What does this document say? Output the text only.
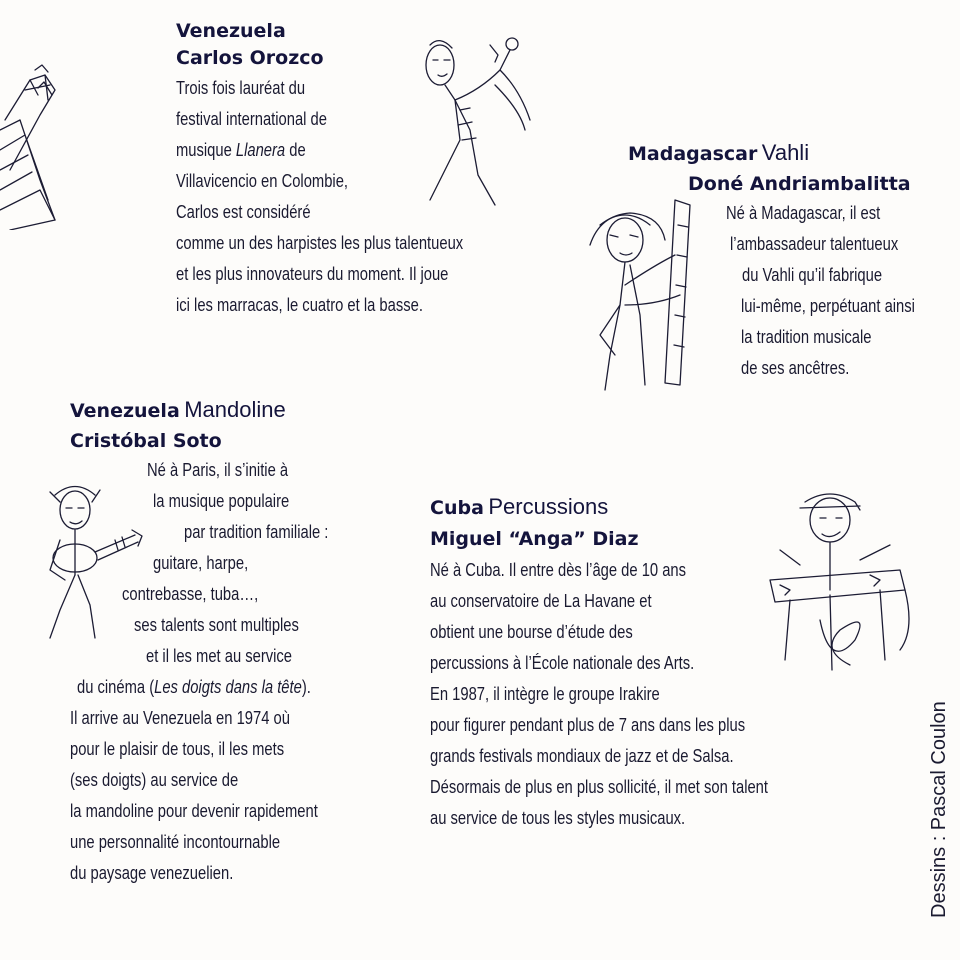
Venezuela
Carlos Orozco
Trois fois lauréat du
festival international de
musique Llanera de
Villavicencio en Colombie,
Carlos est considéré
comme un des harpistes les plus talentueux
et les plus innovateurs du moment. Il joue
ici les marracas, le cuatro et la basse.
Madagascar Vahli
Doné Andriambalitta
Né à Madagascar, il est
l’ambassadeur talentueux
du Vahli qu’il fabrique
lui-même, perpétuant ainsi
la tradition musicale
de ses ancêtres.
Venezuela Mandoline
Cristóbal Soto
Né à Paris, il s’initie à
la musique populaire
par tradition familiale :
guitare, harpe,
contrebasse, tuba…,
ses talents sont multiples
et il les met au service
du cinéma (Les doigts dans la tête).
Il arrive au Venezuela en 1974 où
pour le plaisir de tous, il les mets
(ses doigts) au service de
la mandoline pour devenir rapidement
une personnalité incontournable
du paysage venezuelien.
Cuba Percussions
Miguel “Anga” Diaz
Né à Cuba. Il entre dès l’âge de 10 ans
au conservatoire de La Havane et
obtient une bourse d’étude des
percussions à l’École nationale des Arts.
En 1987, il intègre le groupe Irakire
pour figurer pendant plus de 7 ans dans les plus
grands festivals mondiaux de jazz et de Salsa.
Désormais de plus en plus sollicité, il met son talent
au service de tous les styles musicaux.	Dessins : Pascal Coulon
